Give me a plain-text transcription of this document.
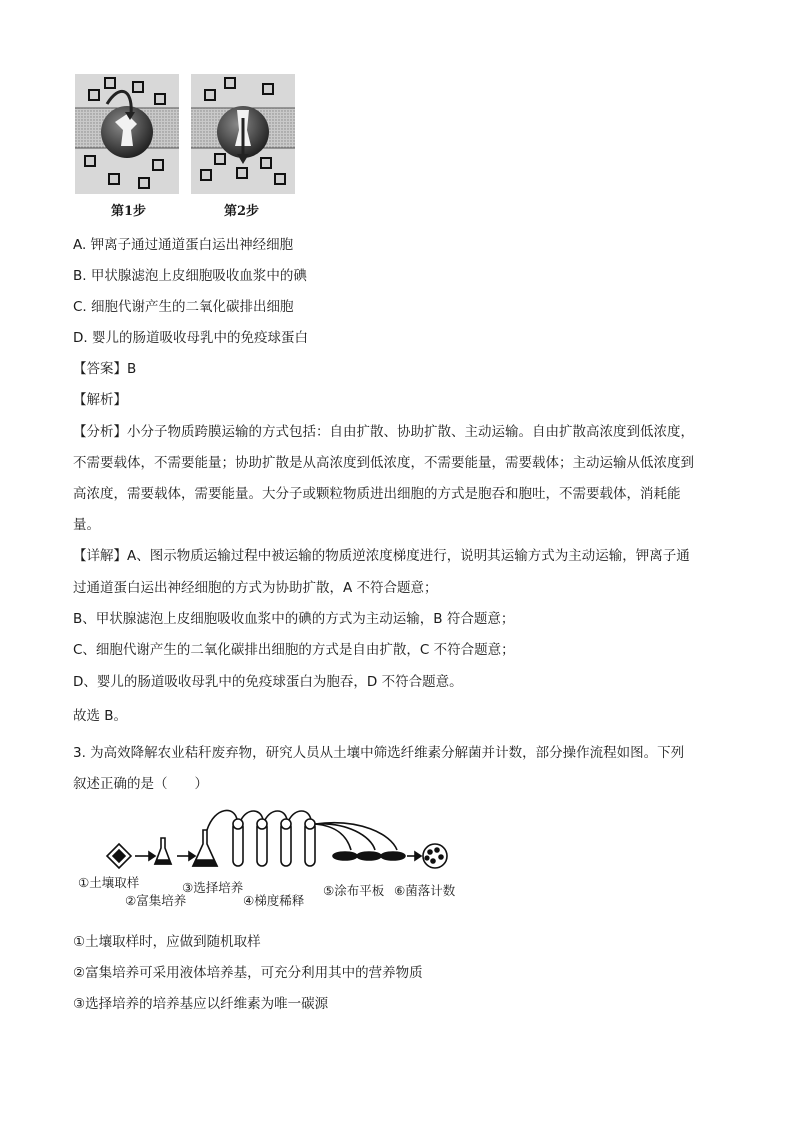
第1步	第2步
A. 钾离子通过通道蛋白运出神经细胞
B. 甲状腺滤泡上皮细胞吸收血浆中的碘
C. 细胞代谢产生的二氧化碳排出细胞
D. 婴儿的肠道吸收母乳中的免疫球蛋白
【答案】B
【解析】
【分析】小分子物质跨膜运输的方式包括：自由扩散、协助扩散、主动运输。自由扩散高浓度到低浓度，
不需要载体，不需要能量；协助扩散是从高浓度到低浓度，不需要能量，需要载体；主动运输从低浓度到
高浓度，需要载体，需要能量。大分子或颗粒物质进出细胞的方式是胞吞和胞吐，不需要载体，消耗能
量。
【详解】A、图示物质运输过程中被运输的物质逆浓度梯度进行，说明其运输方式为主动运输，钾离子通
过通道蛋白运出神经细胞的方式为协助扩散，A 不符合题意；
B、甲状腺滤泡上皮细胞吸收血浆中的碘的方式为主动运输，B 符合题意；
C、细胞代谢产生的二氧化碳排出细胞的方式是自由扩散，C 不符合题意；
D、婴儿的肠道吸收母乳中的免疫球蛋白为胞吞，D 不符合题意。
故选 B。
3. 为高效降解农业秸秆废弃物，研究人员从土壤中筛选纤维素分解菌并计数，部分操作流程如图。下列
叙述正确的是（　　）
①土壤取样
②富集培养
③选择培养
④梯度稀释
⑤涂布平板 ⑥菌落计数
①土壤取样时，应做到随机取样
②富集培养可采用液体培养基，可充分利用其中的营养物质
③选择培养的培养基应以纤维素为唯一碳源
